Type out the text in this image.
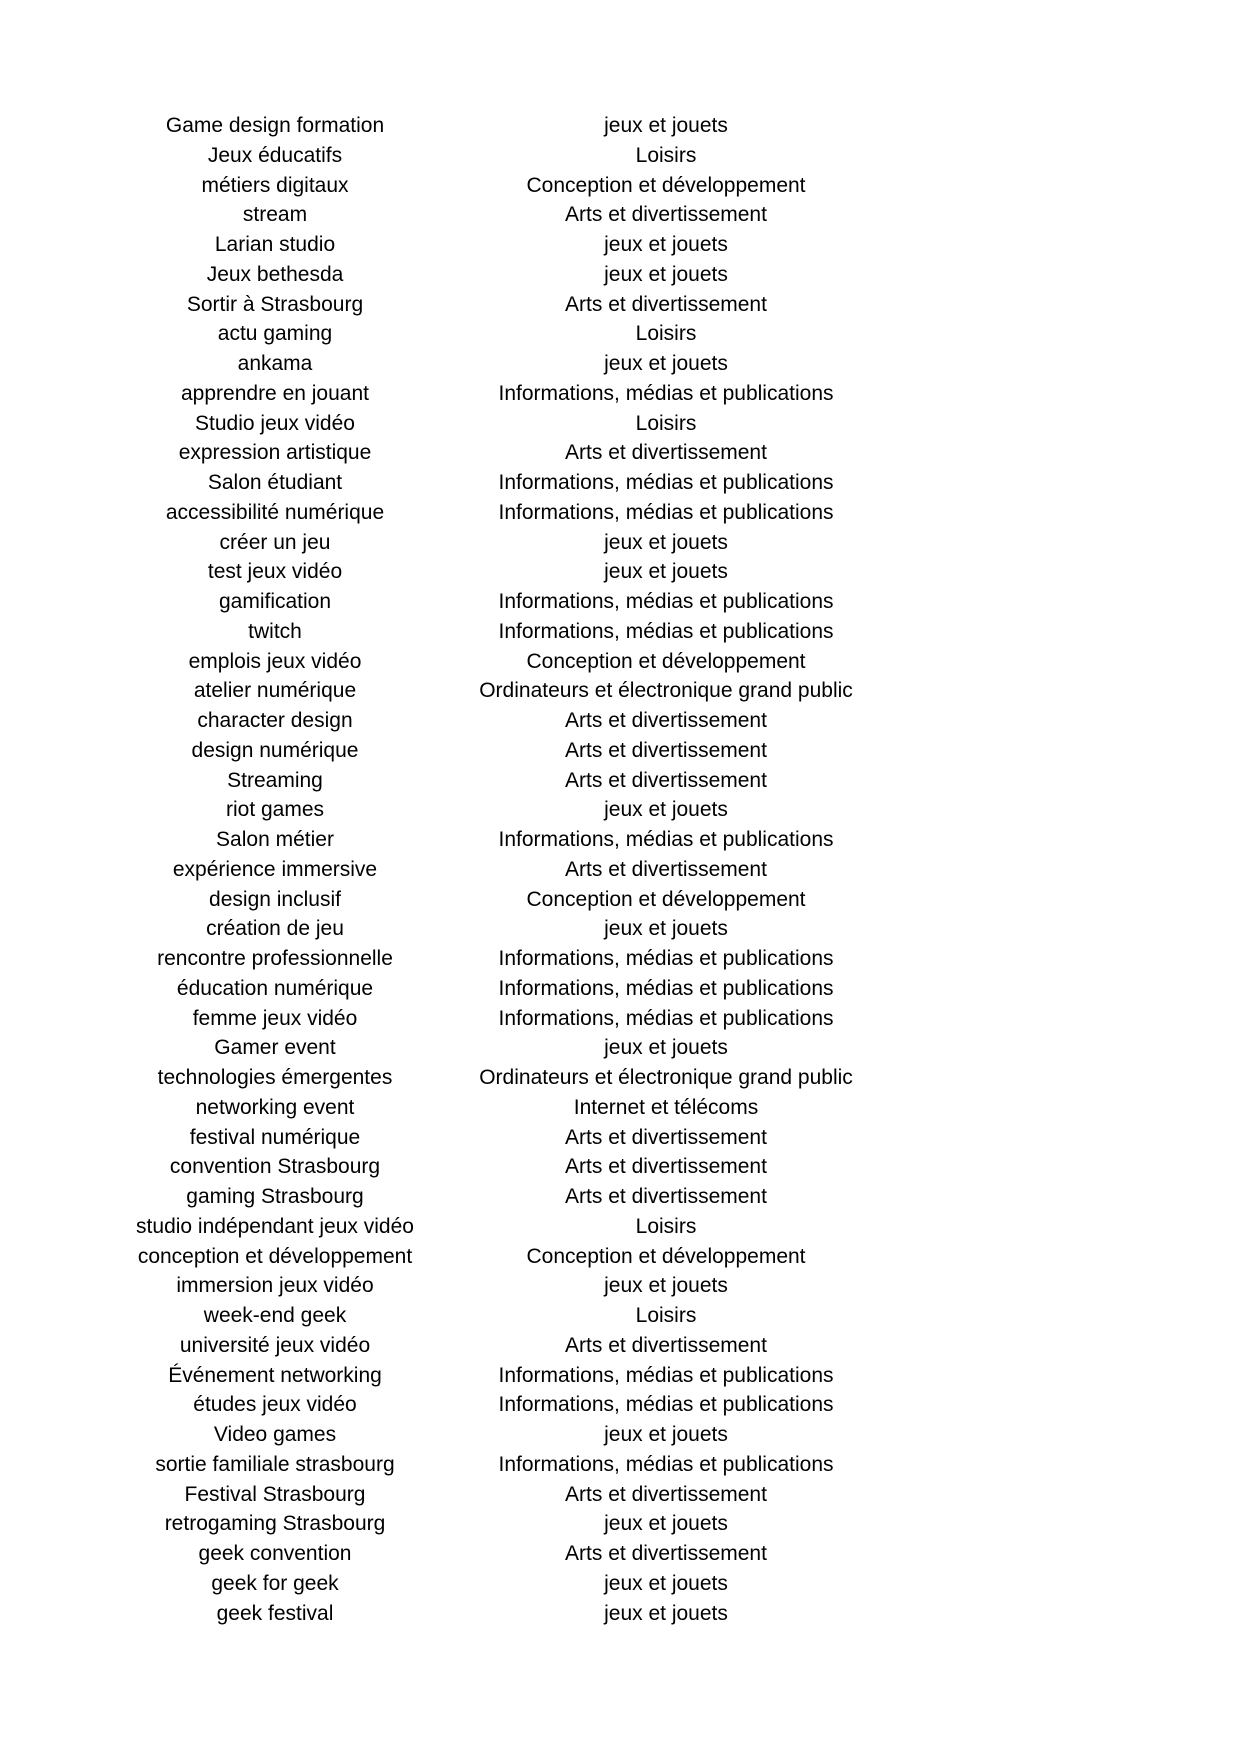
Game design formation	jeux et jouets
Jeux éducatifs	Loisirs
métiers digitaux	Conception et développement
stream	Arts et divertissement
Larian studio	jeux et jouets
Jeux bethesda	jeux et jouets
Sortir à Strasbourg	Arts et divertissement
actu gaming	Loisirs
ankama	jeux et jouets
apprendre en jouant	Informations, médias et publications
Studio jeux vidéo	Loisirs
expression artistique	Arts et divertissement
Salon étudiant	Informations, médias et publications
accessibilité numérique	Informations, médias et publications
créer un jeu	jeux et jouets
test jeux vidéo	jeux et jouets
gamification	Informations, médias et publications
twitch	Informations, médias et publications
emplois jeux vidéo	Conception et développement
atelier numérique	Ordinateurs et électronique grand public
character design	Arts et divertissement
design numérique	Arts et divertissement
Streaming	Arts et divertissement
riot games	jeux et jouets
Salon métier	Informations, médias et publications
expérience immersive	Arts et divertissement
design inclusif	Conception et développement
création de jeu	jeux et jouets
rencontre professionnelle	Informations, médias et publications
éducation numérique	Informations, médias et publications
femme jeux vidéo	Informations, médias et publications
Gamer event	jeux et jouets
technologies émergentes	Ordinateurs et électronique grand public
networking event	Internet et télécoms
festival numérique	Arts et divertissement
convention Strasbourg	Arts et divertissement
gaming Strasbourg	Arts et divertissement
studio indépendant jeux vidéo	Loisirs
conception et développement	Conception et développement
immersion jeux vidéo	jeux et jouets
week-end geek	Loisirs
université jeux vidéo	Arts et divertissement
Événement networking	Informations, médias et publications
études jeux vidéo	Informations, médias et publications
Video games	jeux et jouets
sortie familiale strasbourg	Informations, médias et publications
Festival Strasbourg	Arts et divertissement
retrogaming Strasbourg	jeux et jouets
geek convention	Arts et divertissement
geek for geek	jeux et jouets
geek festival	jeux et jouets
